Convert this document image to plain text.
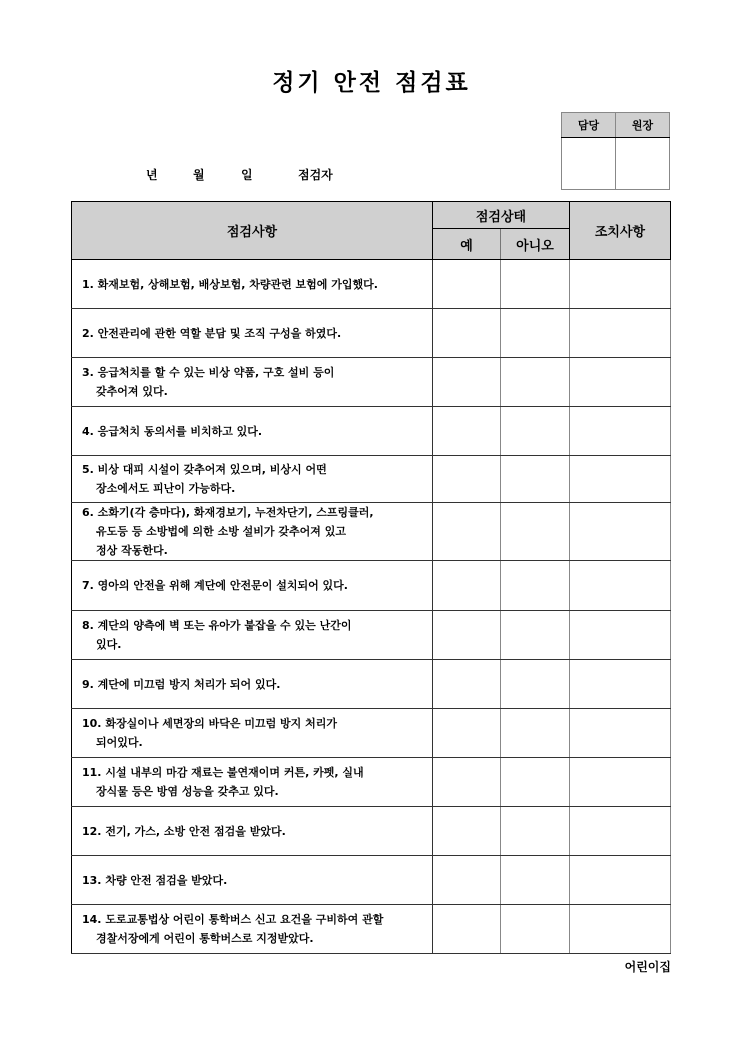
정기 안전 점검표
담당	원장

년	월	일	점검자
점검사항	점검상태		조치사항
	예	아니오	

1. 화재보험, 상해보험, 배상보험, 차량관련 보험에 가입했다.			

2. 안전관리에 관한 역할 분담 및 조직 구성을 하였다.			

3. 응급처치를 할 수 있는 비상 약품, 구호 설비 등이
갖추어져 있다.			

4. 응급처치 동의서를 비치하고 있다.			

5. 비상 대피 시설이 갖추어져 있으며, 비상시 어떤
장소에서도 피난이 가능하다.			

6. 소화기(각 층마다), 화재경보기, 누전차단기, 스프링클러,
유도등 등 소방법에 의한 소방 설비가 갖추어져 있고
정상 작동한다.			

7. 영아의 안전을 위해 계단에 안전문이 설치되어 있다.			

8. 계단의 양측에 벽 또는 유아가 붙잡을 수 있는 난간이
있다.			

9. 계단에 미끄럼 방지 처리가 되어 있다.			

10. 화장실이나 세면장의 바닥은 미끄럼 방지 처리가
되어있다.			

11. 시설 내부의 마감 재료는 불연재이며 커튼, 카펫, 실내
장식물 등은 방염 성능을 갖추고 있다.			

12. 전기, 가스, 소방 안전 점검을 받았다.			

13. 차량 안전 점검을 받았다.			

14. 도로교통법상 어린이 통학버스 신고 요건을 구비하여 관할
경찰서장에게 어린이 통학버스로 지정받았다.			

어린이집
